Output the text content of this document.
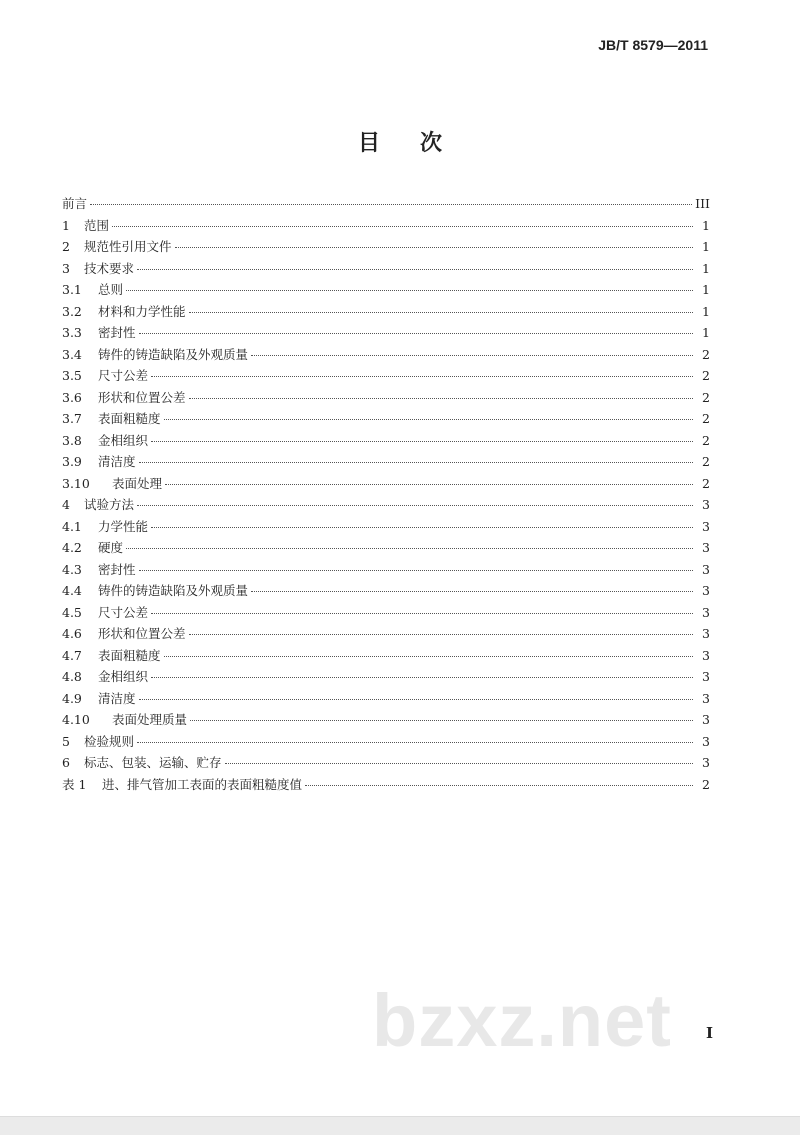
JB/T 8579—2011
目次
前言	III
1	范围	1
2	规范性引用文件	1
3	技术要求	1
3.1	总则	1
3.2	材料和力学性能	1
3.3	密封性	1
3.4	铸件的铸造缺陷及外观质量	2
3.5	尺寸公差	2
3.6	形状和位置公差	2
3.7	表面粗糙度	2
3.8	金相组织	2
3.9	清洁度	2
3.10	表面处理	2
4	试验方法	3
4.1	力学性能	3
4.2	硬度	3
4.3	密封性	3
4.4	铸件的铸造缺陷及外观质量	3
4.5	尺寸公差	3
4.6	形状和位置公差	3
4.7	表面粗糙度	3
4.8	金相组织	3
4.9	清洁度	3
4.10	表面处理质量	3
5	检验规则	3
6	标志、包装、运输、贮存	3
表 1	进、排气管加工表面的表面粗糙度值	2
bzxz.net I
